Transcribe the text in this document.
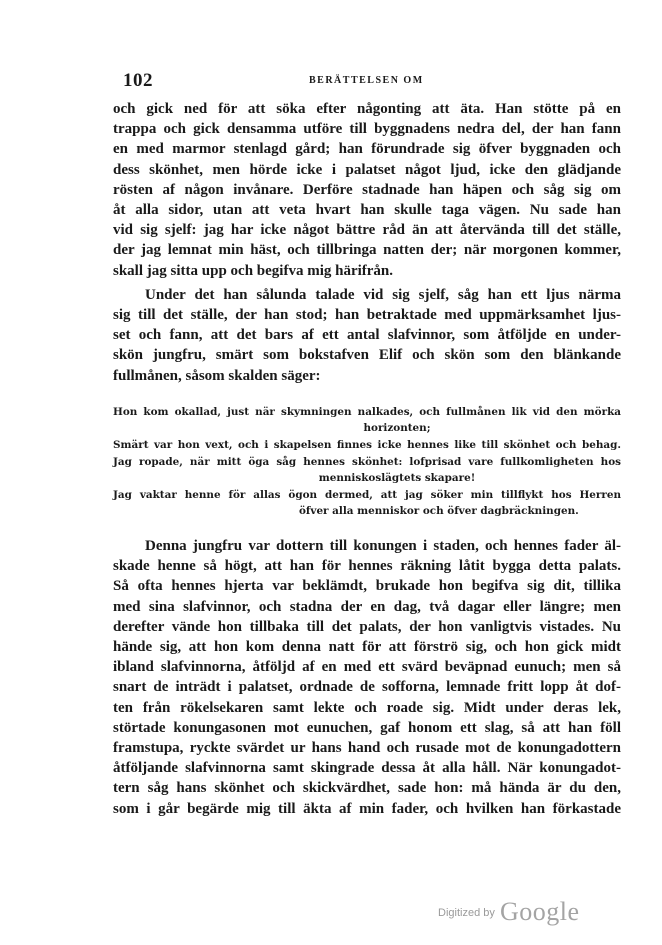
102	BERÄTTELSEN OM
och gick ned för att söka efter någonting att äta. Han stötte på en
trappa och gick densamma utföre till byggnadens nedra del, der han fann
en med marmor stenlagd gård; han förundrade sig öfver byggnaden och
dess skönhet, men hörde icke i palatset något ljud, icke den glädjande
rösten af någon invånare. Derföre stadnade han häpen och såg sig om
åt alla sidor, utan att veta hvart han skulle taga vägen. Nu sade han
vid sig sjelf: jag har icke något bättre råd än att återvända till det ställe,
der jag lemnat min häst, och tillbringa natten der; när morgonen kommer,
skall jag sitta upp och begifva mig härifrån.
Under det han sålunda talade vid sig sjelf, såg han ett ljus närma
sig till det ställe, der han stod; han betraktade med uppmärksamhet ljus-
set och fann, att det bars af ett antal slafvinnor, som åtföljde en under-
skön jungfru, smärt som bokstafven Elif och skön som den blänkande
fullmånen, såsom skalden säger:
Hon kom okallad, just när skymningen nalkades, och fullmånen lik vid den mörka
horizonten;
Smärt var hon vext, och i skapelsen finnes icke hennes like till skönhet och behag.
Jag ropade, när mitt öga såg hennes skönhet: lofprisad vare fullkomligheten hos
menniskoslägtets skapare!
Jag vaktar henne för allas ögon dermed, att jag söker min tillflykt hos Herren
öfver alla menniskor och öfver dagbräckningen.
Denna jungfru var dottern till konungen i staden, och hennes fader äl-
skade henne så högt, att han för hennes räkning låtit bygga detta palats.
Så ofta hennes hjerta var beklämdt, brukade hon begifva sig dit, tillika
med sina slafvinnor, och stadna der en dag, två dagar eller längre; men
derefter vände hon tillbaka till det palats, der hon vanligtvis vistades. Nu
hände sig, att hon kom denna natt för att förströ sig, och hon gick midt
ibland slafvinnorna, åtföljd af en med ett svärd beväpnad eunuch; men så
snart de inträdt i palatset, ordnade de sofforna, lemnade fritt lopp åt dof-
ten från rökelsekaren samt lekte och roade sig. Midt under deras lek,
störtade konungasonen mot eunuchen, gaf honom ett slag, så att han föll
framstupa, ryckte svärdet ur hans hand och rusade mot de konungadottern
åtföljande slafvinnorna samt skingrade dessa åt alla håll. När konungadot-
tern såg hans skönhet och skickvärdhet, sade hon: må hända är du den,
som i går begärde mig till äkta af min fader, och hvilken han förkastade
$^{Digitized by}$ Google
